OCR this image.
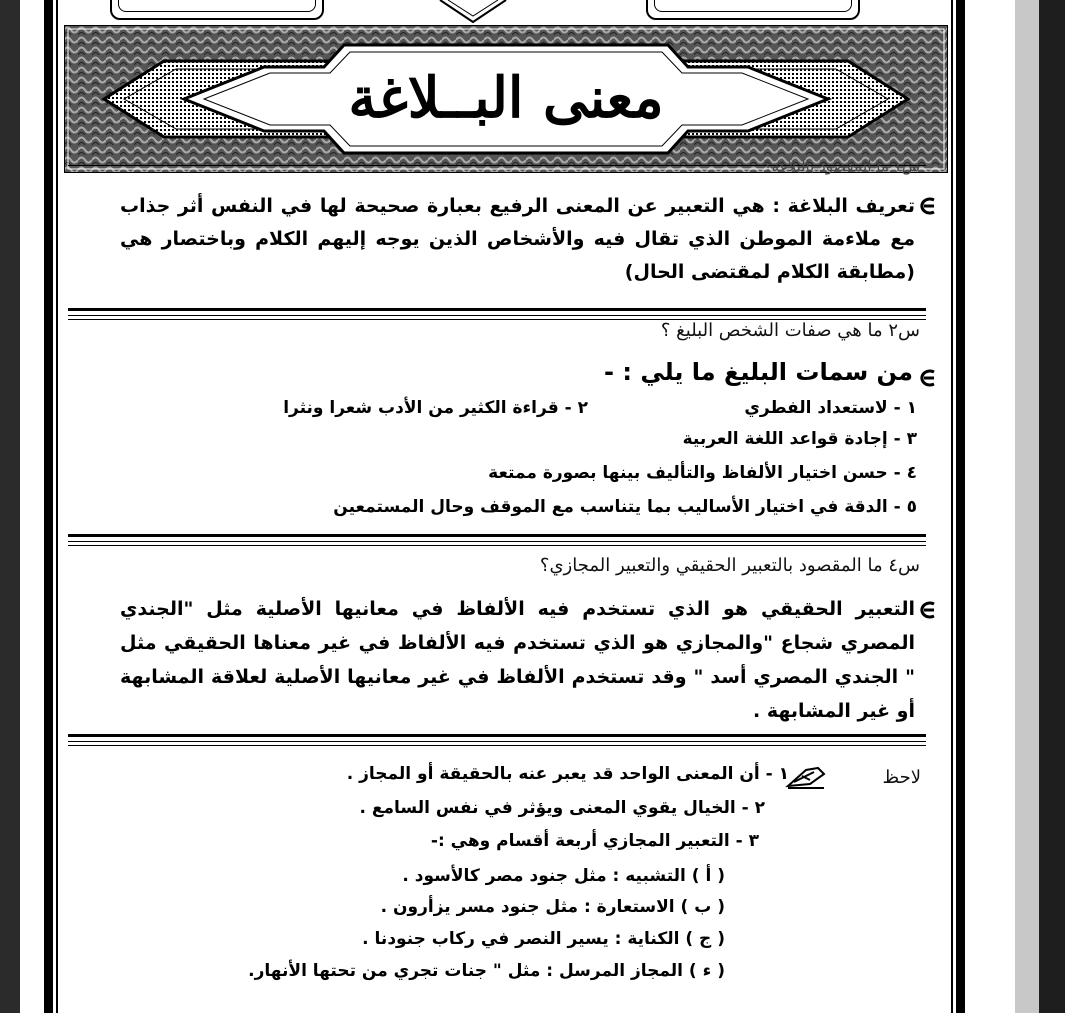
معنى البــلاغة
س١ ما المقصود بالبلاغة؟
تعريف البلاغة : هي التعبير عن المعنى الرفيع بعبارة صحيحة لها في النفس أثر جذاب مع ملاءمة الموطن الذي تقال فيه والأشخاص الذين يوجه إليهم الكلام وباختصار هي (مطابقة الكلام لمقتضى الحال)
س٢ ما هي صفات الشخص البليغ ؟
من سمات البليغ ما يلي : -
١ - لاستعداد الفطري
٢ - قراءة الكثير من الأدب شعرا ونثرا
٣ - إجادة قواعد اللغة العربية
٤ - حسن اختيار الألفاظ والتأليف بينها بصورة ممتعة
٥ - الدقة في اختيار الأساليب بما يتناسب مع الموقف وحال المستمعين
س٤ ما المقصود بالتعبير الحقيقي والتعبير المجازي؟
التعبير الحقيقي هو الذي تستخدم فيه الألفاظ في معانيها الأصلية مثل "الجندي المصري شجاع "والمجازي هو الذي تستخدم فيه الألفاظ في غير معناها الحقيقي مثل " الجندي المصري أسد " وقد تستخدم الألفاظ في غير معانيها الأصلية لعلاقة المشابهة أو غير المشابهة .
لاحظ
١ - أن المعنى الواحد قد يعبر عنه بالحقيقة أو المجاز .
٢ - الخيال يقوي المعنى ويؤثر في نفس السامع .
٣ - التعبير المجازي أربعة أقسام وهي :-
( أ ) التشبيه : مثل جنود مصر كالأسود .
( ب ) الاستعارة : مثل جنود مسر يزأرون .
( ج ) الكناية : يسير النصر في ركاب جنودنا .
( ء ) المجاز المرسل : مثل " جنات تجري من تحتها الأنهار.
